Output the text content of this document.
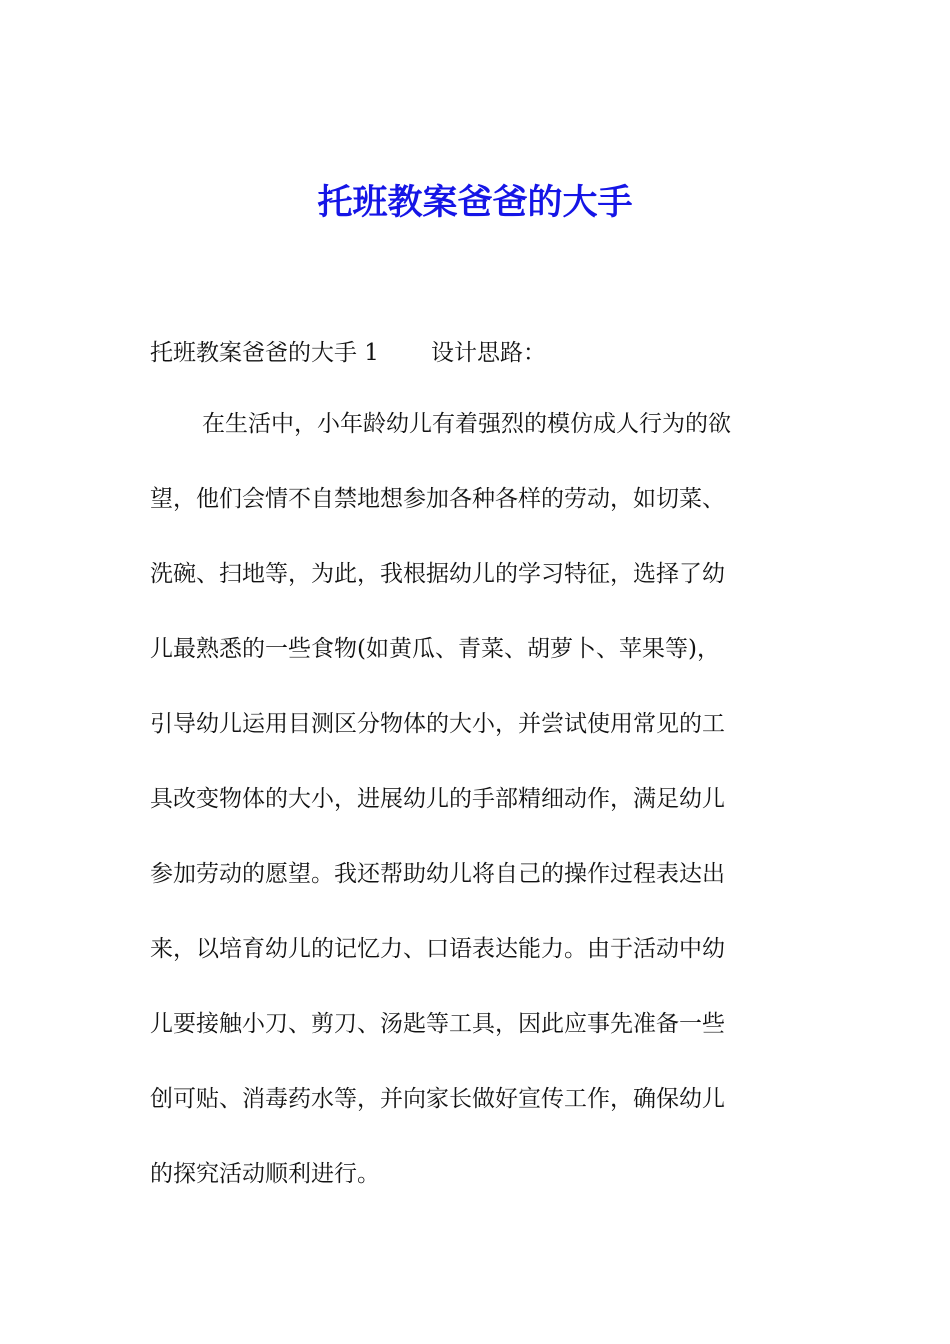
托班教案爸爸的大手
托班教案爸爸的大手 1 设计思路：
在生活中，小年龄幼儿有着强烈的模仿成人行为的欲
望，他们会情不自禁地想参加各种各样的劳动，如切菜、
洗碗、扫地等，为此，我根据幼儿的学习特征，选择了幼
儿最熟悉的一些食物(如黄瓜、青菜、胡萝卜、苹果等)，
引导幼儿运用目测区分物体的大小，并尝试使用常见的工
具改变物体的大小，进展幼儿的手部精细动作，满足幼儿
参加劳动的愿望。我还帮助幼儿将自己的操作过程表达出
来，以培育幼儿的记忆力、口语表达能力。由于活动中幼
儿要接触小刀、剪刀、汤匙等工具，因此应事先准备一些
创可贴、消毒药水等，并向家长做好宣传工作，确保幼儿
的探究活动顺利进行。
